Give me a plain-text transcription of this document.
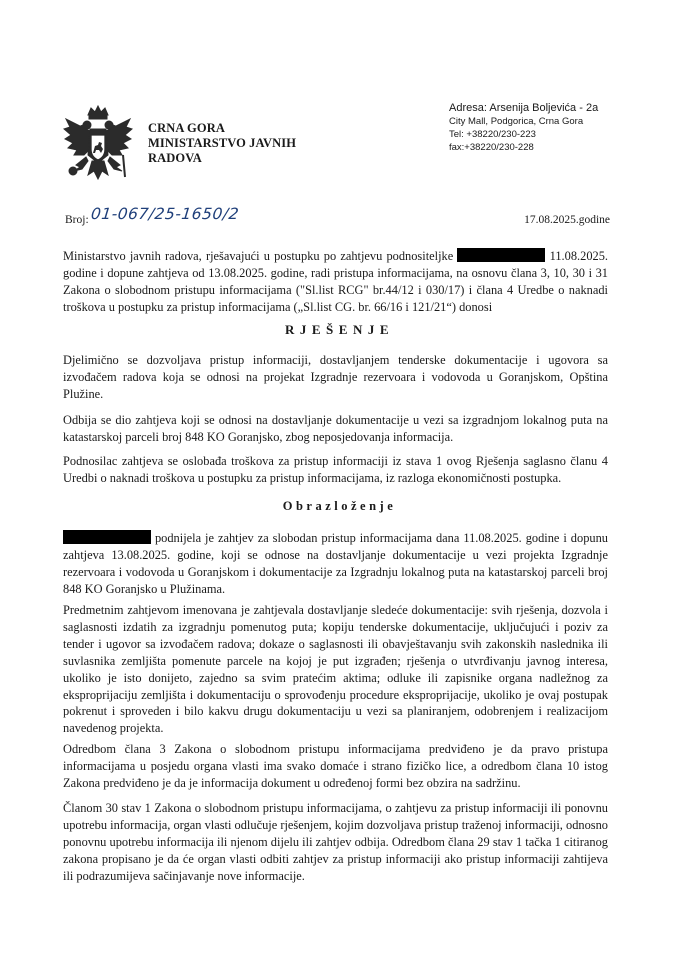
CRNA GORA
MINISTARSTVO JAVNIH
RADOVA
Adresa: Arsenija Boljevića - 2a
City Mall, Podgorica, Crna Gora
Tel: +38220/230-223
fax:+38220/230-228
Broj: 01-067/25-1650/2	17.08.2025.godine

Ministarstvo javnih radova, rješavajući u postupku po zahtjevu podnositeljke	11.08.2025. godine i dopune zahtjeva od 13.08.2025. godine, radi pristupa informacijama, na osnovu člana 3, 10, 30 i 31 Zakona o slobodnom pristupu informacijama ("Sl.list RCG" br.44/12 i 030/17) i člana 4 Uredbe o naknadi troškova u postupku za pristup informacijama („Sl.list CG. br. 66/16 i 121/21“) donosi

RJEŠENJE
Djelimično se dozvoljava pristup informaciji, dostavljanjem tenderske dokumentacije i ugovora sa izvođačem radova koja se odnosi na projekat Izgradnje rezervoara i vodovoda u Goranjskom, Opština Plužine.
Odbija se dio zahtjeva koji se odnosi na dostavljanje dokumentacije u vezi sa izgradnjom lokalnog puta na katastarskoj parceli broj 848 KO Goranjsko, zbog neposjedovanja informacija.
Podnosilac zahtjeva se oslobađa troškova za pristup informaciji iz stava 1 ovog Rješenja saglasno članu 4 Uredbi o naknadi troškova u postupku za pristup informacijama, iz razloga ekonomičnosti postupka.
Obrazloženje

podnijela je zahtjev za slobodan pristup informacijama dana 11.08.2025. godine i dopunu zahtjeva 13.08.2025. godine, koji se odnose na dostavljanje dokumentacije u vezi projekta Izgradnje rezervoara i vodovoda u Goranjskom i dokumentacije za Izgradnju lokalnog puta na katastarskoj parceli broj 848 KO Goranjsko u Plužinama.

Predmetnim zahtjevom imenovana je zahtjevala dostavljanje sledeće dokumentacije: svih rješenja, dozvola i saglasnosti izdatih za izgradnju pomenutog puta; kopiju tenderske dokumentacije, uključujući i poziv za tender i ugovor sa izvođačem radova; dokaze o saglasnosti ili obavještavanju svih zakonskih naslednika ili suvlasnika zemljišta pomenute parcele na kojoj je put izgrađen; rješenja o utvrđivanju javnog interesa, ukoliko je isto donijeto, zajedno sa svim pratećim aktima; odluke ili zapisnike organa nadležnog za eksproprijaciju zemljišta i dokumentaciju o sprovođenju procedure eksproprijacije, ukoliko je ovaj postupak pokrenut i sproveden i bilo kakvu drugu dokumentaciju u vezi sa planiranjem, odobrenjem i realizacijom navedenog projekta.
Odredbom člana 3 Zakona o slobodnom pristupu informacijama predviđeno je da pravo pristupa informacijama u posjedu organa vlasti ima svako domaće i strano fizičko lice, a odredbom člana 10 istog Zakona predviđeno je da je informacija dokument u određenoj formi bez obzira na sadržinu.
Članom 30 stav 1 Zakona o slobodnom pristupu informacijama, o zahtjevu za pristup informaciji ili ponovnu upotrebu informacija, organ vlasti odlučuje rješenjem, kojim dozvoljava pristup traženoj informaciji, odnosno ponovnu upotrebu informacija ili njenom dijelu ili zahtjev odbija. Odredbom člana 29 stav 1 tačka 1 citiranog zakona propisano je da će organ vlasti odbiti zahtjev za pristup informaciji ako pristup informaciji zahtijeva ili podrazumijeva sačinjavanje nove informacije.
